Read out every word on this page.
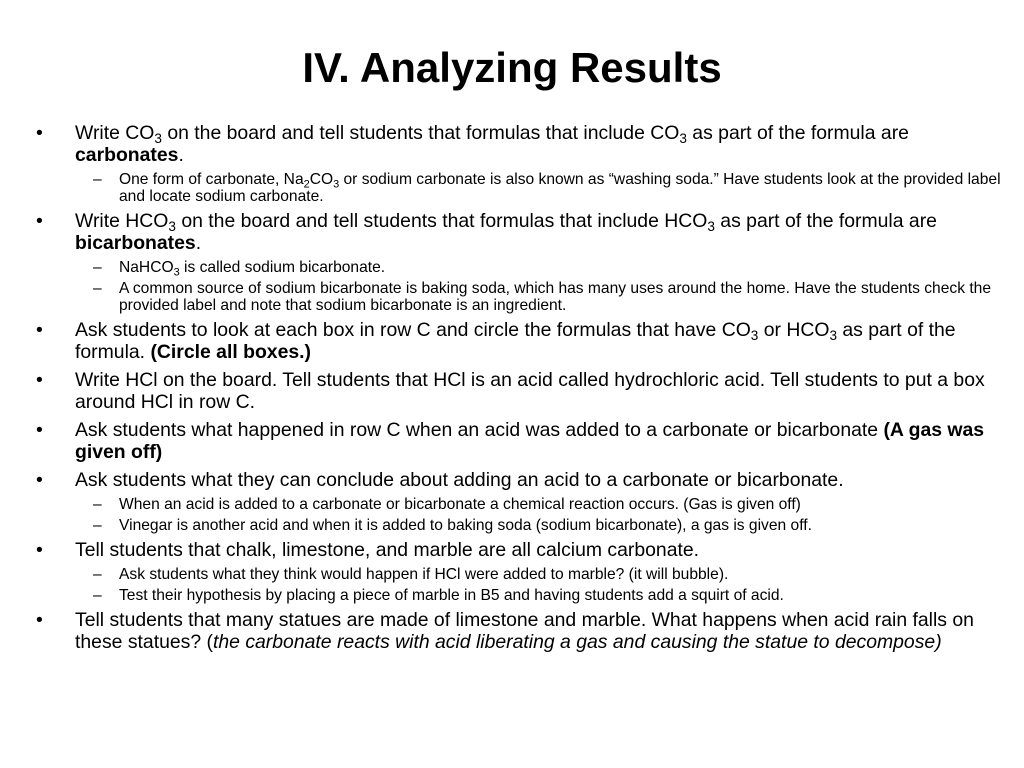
IV. Analyzing Results
•	Write $CO_3$ on the board and tell students that formulas that include $CO_3$ as part of the formula are carbonates.
– One form of carbonate, $Na_2CO_3$ or sodium carbonate is also known as “washing soda.” Have students look at the provided label and locate sodium carbonate.
•	Write $HCO_3$ on the board and tell students that formulas that include $HCO_3$ as part of the formula are bicarbonates.
– NaHCO$_3$ is called sodium bicarbonate.
– A common source of sodium bicarbonate is baking soda, which has many uses around the home. Have the students check the provided label and note that sodium bicarbonate is an ingredient.
•	Ask students to look at each box in row C and circle the formulas that have $CO_3$ or $HCO_3$ as part of the formula. (Circle all boxes.)
•	Write HCl on the board. Tell students that HCl is an acid called hydrochloric acid. Tell students to put a box around HCl in row C.
•	Ask students what happened in row C when an acid was added to a carbonate or bicarbonate (A gas was given off)
•	Ask students what they can conclude about adding an acid to a carbonate or bicarbonate.
– When an acid is added to a carbonate or bicarbonate a chemical reaction occurs. (Gas is given off)
– Vinegar is another acid and when it is added to baking soda (sodium bicarbonate), a gas is given off.
•	Tell students that chalk, limestone, and marble are all calcium carbonate.
– Ask students what they think would happen if HCl were added to marble? (it will bubble).
– Test their hypothesis by placing a piece of marble in B5 and having students add a squirt of acid.
•	Tell students that many statues are made of limestone and marble. What happens when acid rain falls on these statues? (the carbonate reacts with acid liberating a gas and causing the statue to decompose)
